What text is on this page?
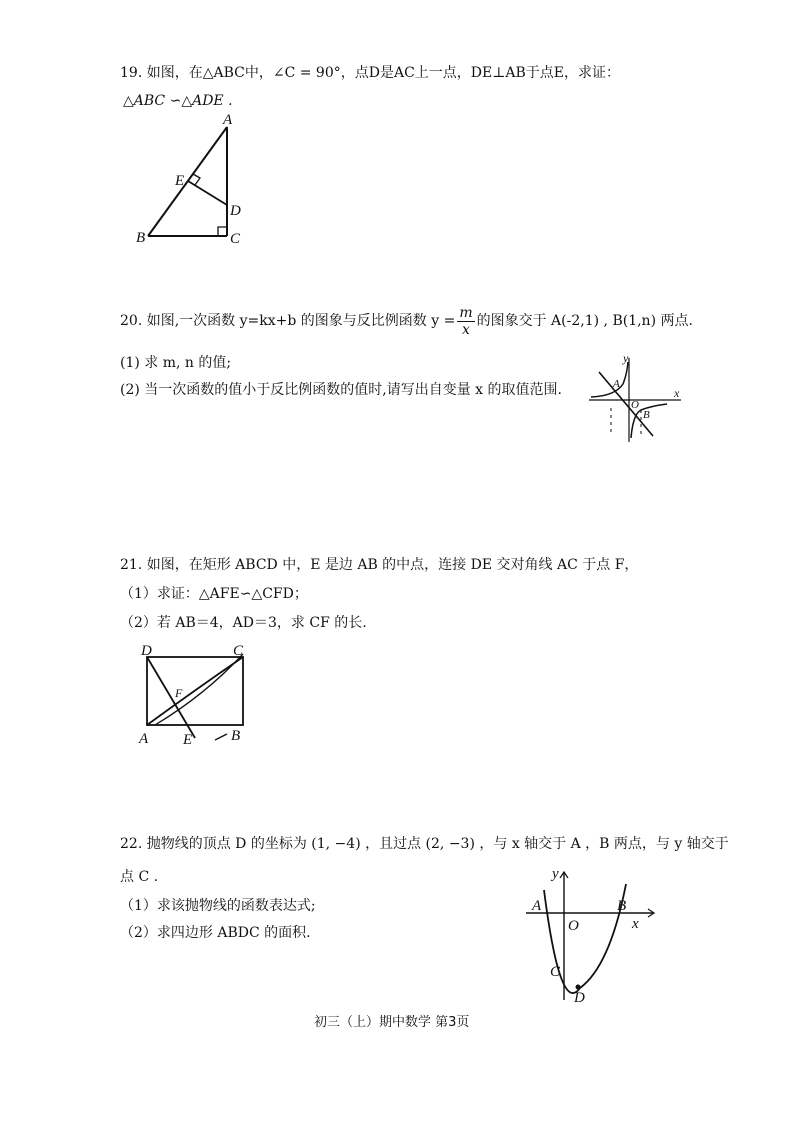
19. 如图，在△ABC中，∠C = 90°，点D是AC上一点，DE⊥AB于点E，求证：
△ABC ∽△ADE .
A
B	C
D
E
20. 如图,一次函数 y=kx+b 的图象与反比例函数 $y = \frac{m}{x}$ 的图象交于 A(-2,1) , B(1,n) 两点.
(1) 求 m, n 的值;
(2) 当一次函数的值小于反比例函数的值时,请写出自变量 x 的取值范围.
y
x
A
B
O
21. 如图，在矩形 ABCD 中，E 是边 AB 的中点，连接 DE 交对角线 AC 于点 F，
（1）求证：△AFE∽△CFD；
（2）若 AB＝4，AD＝3，求 CF 的长.
D	C
A E	B
F
22. 抛物线的顶点 D 的坐标为 (1, −4) ，且过点 (2, −3) ，与 x 轴交于 A ，B 两点，与 y 轴交于
点 C .
（1）求该抛物线的函数表达式;
（2）求四边形 ABDC 的面积.
y
x
A	B
C
D
O
初三（上）期中数学 第3页
